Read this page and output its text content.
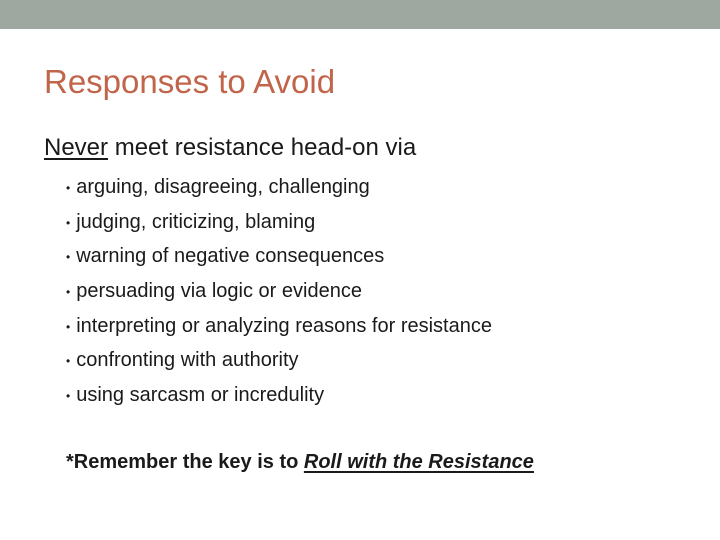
Responses to Avoid
Never meet resistance head-on via
• arguing, disagreeing, challenging
• judging, criticizing, blaming
• warning of negative consequences
• persuading via logic or evidence
• interpreting or analyzing reasons for resistance
• confronting with authority
• using sarcasm or incredulity
*Remember the key is to Roll with the Resistance
